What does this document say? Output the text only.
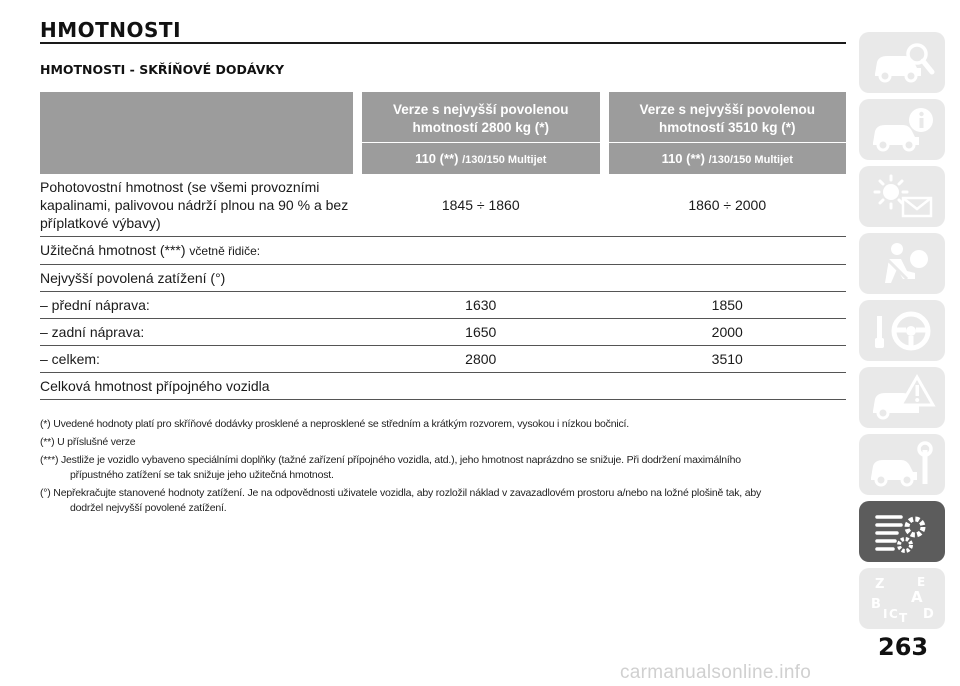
HMOTNOSTI
HMOTNOSTI - SKŘÍŇOVÉ DODÁVKY
		Verze s nejvyšší povolenou hmotností 2800 kg (*)		Verze s nejvyšší povolenou hmotností 3510 kg (*)
		110 (**) /130/150 Multijet		110 (**) /130/150 Multijet
Pohotovostní hmotnost (se všemi provozními kapalinami, palivovou nádrží plnou na 90 % a bez příplatkové výbavy)		1845 ÷ 1860		1860 ÷ 2000
Užitečná hmotnost (***) včetně řidiče:				
Nejvyšší povolená zatížení (°)				
– přední náprava:		1630		1850
– zadní náprava:		1650		2000
– celkem:		2800		3510
Celková hmotnost přípojného vozidla				

(*) Uvedené hodnoty platí pro skříňové dodávky prosklené a neprosklené se středním a krátkým rozvorem, vysokou i nízkou bočnicí.

(**) U příslušné verze

(***) Jestliže je vozidlo vybaveno speciálními doplňky (tažné zařízení přípojného vozidla, atd.), jeho hmotnost naprázdno se snižuje. Při dodržení maximálního
přípustného zatížení se tak snižuje jeho užitečná hmotnost.

(°) Nepřekračujte stanovené hodnoty zatížení. Je na odpovědnosti uživatele vozidla, aby rozložil náklad v zavazadlovém prostoru a/nebo na ložné plošině tak, aby
dodržel nejvyšší povolené zatížení.

Z	E
A
B
C D
I T
263
carmanualsonline.info
